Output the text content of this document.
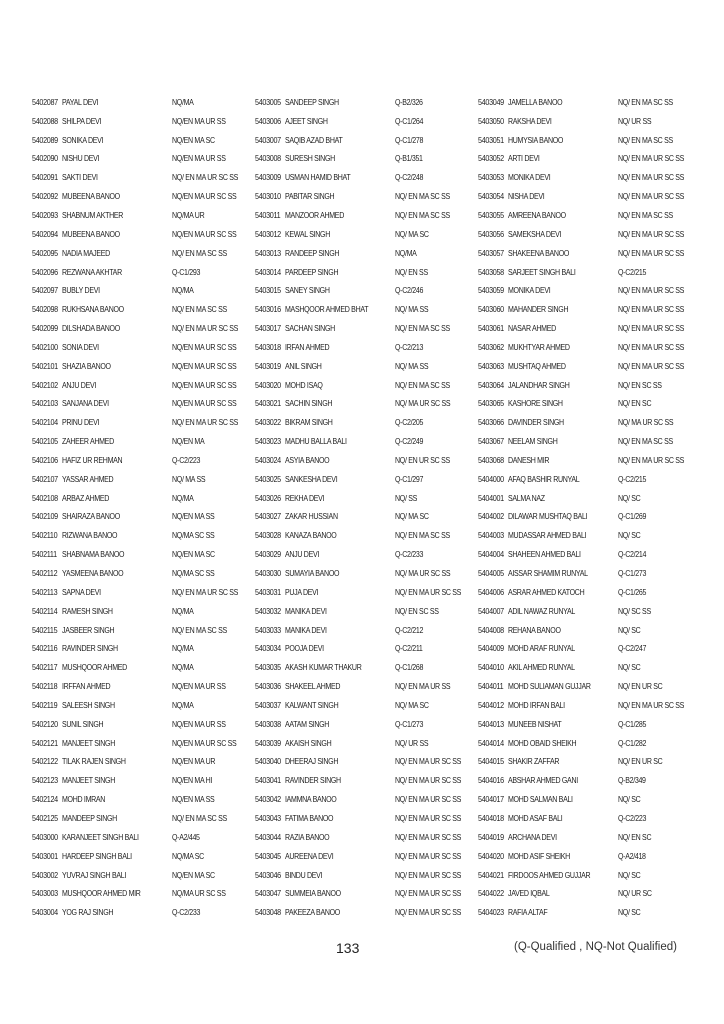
5402087 PAYAL DEVI	NQ/MA
5402088 SHILPA DEVI	NQ/EN MA UR SS
5402089 SONIKA DEVI	NQ/EN MA SC
5402090 NISHU DEVI	NQ/EN MA UR SS
5402091 SAKTI DEVI	NQ/ EN MA UR SC SS
5402092 MUBEENA BANOO	NQ/EN MA UR SC SS
5402093 SHABNUM AKTHER	NQ/MA UR
5402094 MUBEENA BANOO	NQ/EN MA UR SC SS
5402095 NADIA MAJEED	NQ/ EN MA SC SS
5402096 REZWANA AKHTAR	Q-C1/293
5402097 BUBLY DEVI	NQ/MA
5402098 RUKHSANA BANOO	NQ/ EN MA SC SS
5402099 DILSHADA BANOO	NQ/ EN MA UR SC SS
5402100 SONIA DEVI	NQ/EN MA UR SC SS
5402101 SHAZIA BANOO	NQ/EN MA UR SC SS
5402102 ANJU DEVI	NQ/EN MA UR SC SS
5402103 SANJANA DEVI	NQ/EN MA UR SC SS
5402104 PRINU DEVI	NQ/ EN MA UR SC SS
5402105 ZAHEER AHMED	NQ/EN MA
5402106 HAFIZ UR REHMAN	Q-C2/223
5402107 YASSAR AHMED	NQ/ MA SS
5402108 ARBAZ AHMED	NQ/MA
5402109 SHAIRAZA BANOO	NQ/EN MA SS
5402110 RIZWANA BANOO	NQ/MA SC SS
5402111 SHABNAMA BANOO	NQ/EN MA SC
5402112 YASMEENA BANOO	NQ/MA SC SS
5402113 SAPNA DEVI	NQ/ EN MA UR SC SS
5402114 RAMESH SINGH	NQ/MA
5402115 JASBEER SINGH	NQ/ EN MA SC SS
5402116 RAVINDER SINGH	NQ/MA
5402117 MUSHQOOR AHMED	NQ/MA
5402118 IRFFAN AHMED	NQ/EN MA UR SS
5402119 SALEESH SINGH	NQ/MA
5402120 SUNIL SINGH	NQ/EN MA UR SS
5402121 MANJEET SINGH	NQ/EN MA UR SC SS
5402122 TILAK RAJEN SINGH	NQ/EN MA UR
5402123 MANJEET SINGH	NQ/EN MA HI
5402124 MOHD IMRAN	NQ/EN MA SS
5402125 MANDEEP SINGH	NQ/ EN MA SC SS
5403000 KARANJEET SINGH BALI	Q-A2/445
5403001 HARDEEP SINGH BALI	NQ/MA SC
5403002 YUVRAJ SINGH BALI	NQ/EN MA SC
5403003 MUSHQOOR AHMED MIR	NQ/MA UR SC SS
5403004 YOG RAJ SINGH	Q-C2/233
5403005 SANDEEP SINGH	Q-B2/326
5403006 AJEET SINGH	Q-C1/264
5403007 SAQIB AZAD BHAT	Q-C1/278
5403008 SURESH SINGH	Q-B1/351
5403009 USMAN HAMID BHAT	Q-C2/248
5403010 PABITAR SINGH	NQ/ EN MA SC SS
5403011 MANZOOR AHMED	NQ/ EN MA SC SS
5403012 KEWAL SINGH	NQ/ MA SC
5403013 RANDEEP SINGH	NQ/MA
5403014 PARDEEP SINGH	NQ/ EN SS
5403015 SANEY SINGH	Q-C2/246
5403016 MASHQOOR AHMED BHAT	NQ/ MA SS
5403017 SACHAN SINGH	NQ/ EN MA SC SS
5403018 IRFAN AHMED	Q-C2/213
5403019 ANIL SINGH	NQ/ MA SS
5403020 MOHD ISAQ	NQ/ EN MA SC SS
5403021 SACHIN SINGH	NQ/ MA UR SC SS
5403022 BIKRAM SINGH	Q-C2/205
5403023 MADHU BALLA BALI	Q-C2/249
5403024 ASYIA BANOO	NQ/ EN UR SC SS
5403025 SANKESHA DEVI	Q-C1/297
5403026 REKHA DEVI	NQ/ SS
5403027 ZAKAR HUSSIAN	NQ/ MA SC
5403028 KANAZA BANOO	NQ/ EN MA SC SS
5403029 ANJU DEVI	Q-C2/233
5403030 SUMAYIA BANOO	NQ/ MA UR SC SS
5403031 PUJA DEVI	NQ/ EN MA UR SC SS
5403032 MANIKA DEVI	NQ/ EN SC SS
5403033 MANIKA DEVI	Q-C2/212
5403034 POOJA DEVI	Q-C2/211
5403035 AKASH KUMAR THAKUR	Q-C1/268
5403036 SHAKEEL AHMED	NQ/ EN MA UR SS
5403037 KALWANT SINGH	NQ/ MA SC
5403038 AATAM SINGH	Q-C1/273
5403039 AKAISH SINGH	NQ/ UR SS
5403040 DHEERAJ SINGH	NQ/ EN MA UR SC SS
5403041 RAVINDER SINGH	NQ/ EN MA UR SC SS
5403042 IAMMNA BANOO	NQ/ EN MA UR SC SS
5403043 FATIMA BANOO	NQ/ EN MA UR SC SS
5403044 RAZIA BANOO	NQ/ EN MA UR SC SS
5403045 AUREENA DEVI	NQ/ EN MA UR SC SS
5403046 BINDU DEVI	NQ/ EN MA UR SC SS
5403047 SUMMEIA BANOO	NQ/ EN MA UR SC SS
5403048 PAKEEZA BANOO	NQ/ EN MA UR SC SS
5403049 JAMELLA BANOO	NQ/ EN MA SC SS
5403050 RAKSHA DEVI	NQ/ UR SS
5403051 HUMYSIA BANOO	NQ/ EN MA SC SS
5403052 ARTI DEVI	NQ/ EN MA UR SC SS
5403053 MONIKA DEVI	NQ/ EN MA UR SC SS
5403054 NISHA DEVI	NQ/ EN MA UR SC SS
5403055 AMREENA BANOO	NQ/ EN MA SC SS
5403056 SAMEKSHA DEVI	NQ/ EN MA UR SC SS
5403057 SHAKEENA BANOO	NQ/ EN MA UR SC SS
5403058 SARJEET SINGH BALI	Q-C2/215
5403059 MONIKA DEVI	NQ/ EN MA UR SC SS
5403060 MAHANDER SINGH	NQ/ EN MA UR SC SS
5403061 NASAR AHMED	NQ/ EN MA UR SC SS
5403062 MUKHTYAR AHMED	NQ/ EN MA UR SC SS
5403063 MUSHTAQ AHMED	NQ/ EN MA UR SC SS
5403064 JALANDHAR SINGH	NQ/ EN SC SS
5403065 KASHORE SINGH	NQ/ EN SC
5403066 DAVINDER SINGH	NQ/ MA UR SC SS
5403067 NEELAM SINGH	NQ/ EN MA SC SS
5403068 DANESH MIR	NQ/ EN MA UR SC SS
5404000 AFAQ BASHIR RUNYAL	Q-C2/215
5404001 SALMA NAZ	NQ/ SC
5404002 DILAWAR MUSHTAQ BALI	Q-C1/269
5404003 MUDASSAR AHMED BALI	NQ/ SC
5404004 SHAHEEN AHMED BALI	Q-C2/214
5404005 AISSAR SHAMIM RUNYAL	Q-C1/273
5404006 ASRAR AHMED KATOCH	Q-C1/265
5404007 ADIL NAWAZ RUNYAL	NQ/ SC SS
5404008 REHANA BANOO	NQ/ SC
5404009 MOHD ARAF RUNYAL	Q-C2/247
5404010 AKIL AHMED RUNYAL	NQ/ SC
5404011 MOHD SULIAMAN GUJJAR	NQ/ EN UR SC
5404012 MOHD IRFAN BALI	NQ/ EN MA UR SC SS
5404013 MUNEEB NISHAT	Q-C1/285
5404014 MOHD OBAID SHEIKH	Q-C1/282
5404015 SHAKIR ZAFFAR	NQ/ EN UR SC
5404016 ABSHAR AHMED GANI	Q-B2/349
5404017 MOHD SALMAN BALI	NQ/ SC
5404018 MOHD ASAF BALI	Q-C2/223
5404019 ARCHANA DEVI	NQ/ EN SC
5404020 MOHD ASIF SHEIKH	Q-A2/418
5404021 FIRDOOS AHMED GUJJAR	NQ/ SC
5404022 JAVED IQBAL	NQ/ UR SC
5404023 RAFIA ALTAF	NQ/ SC
133	(Q-Qualified , NQ-Not Qualified)
